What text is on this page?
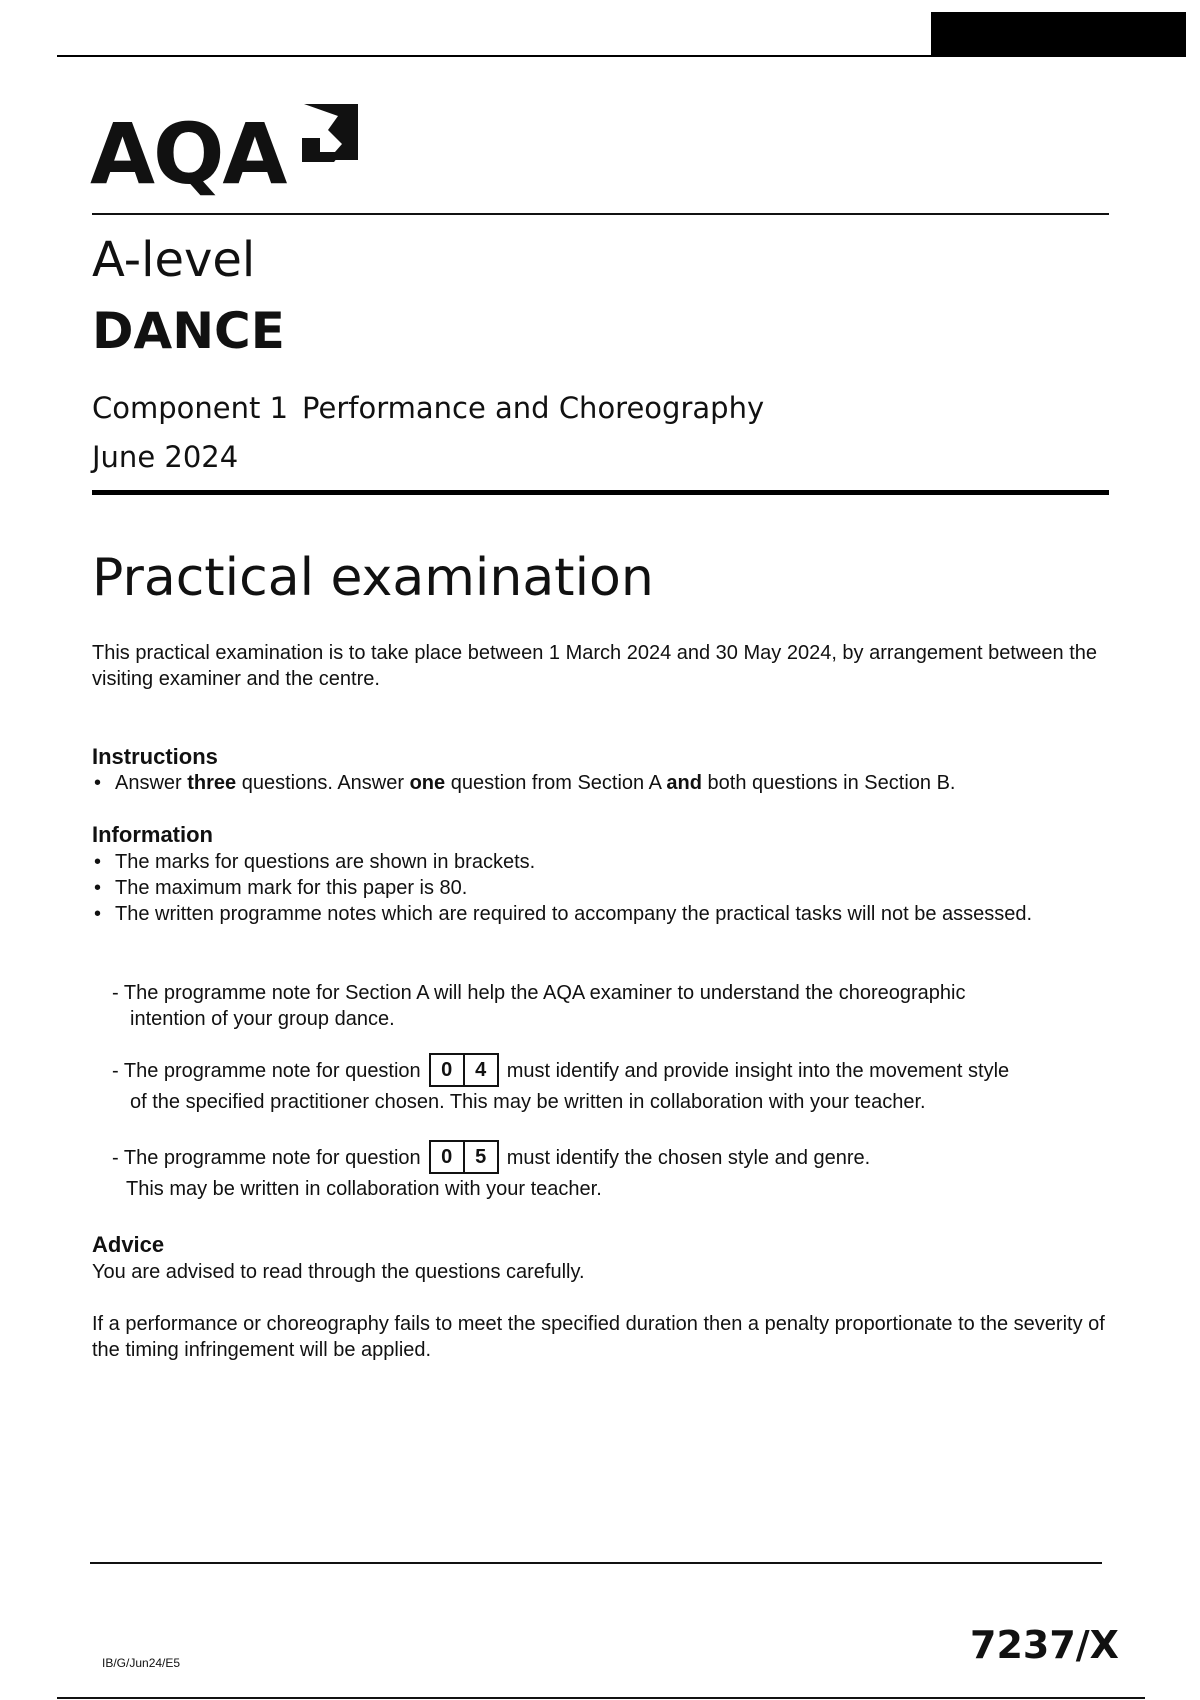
AQA
A-level
DANCE
Component 1 Performance and Choreography
June 2024
Practical examination
This practical examination is to take place between 1 March 2024 and 30 May 2024, by arrangement between the visiting examiner and the centre.
Instructions
• Answer three questions. Answer one question from Section A and both questions in Section B.
Information
• The marks for questions are shown in brackets.
• The maximum mark for this paper is 80.
• The written programme notes which are required to accompany the practical tasks will not be assessed.
- The programme note for Section A will help the AQA examiner to understand the choreographic
intention of your group dance.
- The programme note for question	0	4	must identify and provide insight into the movement style
of the specified practitioner chosen. This may be written in collaboration with your teacher.
- The programme note for question	0	5	must identify the chosen style and genre.
This may be written in collaboration with your teacher.
Advice
You are advised to read through the questions carefully.
If a performance or choreography fails to meet the specified duration then a penalty proportionate to the severity of the timing infringement will be applied.
IB/G/Jun24/E5	7237/X
